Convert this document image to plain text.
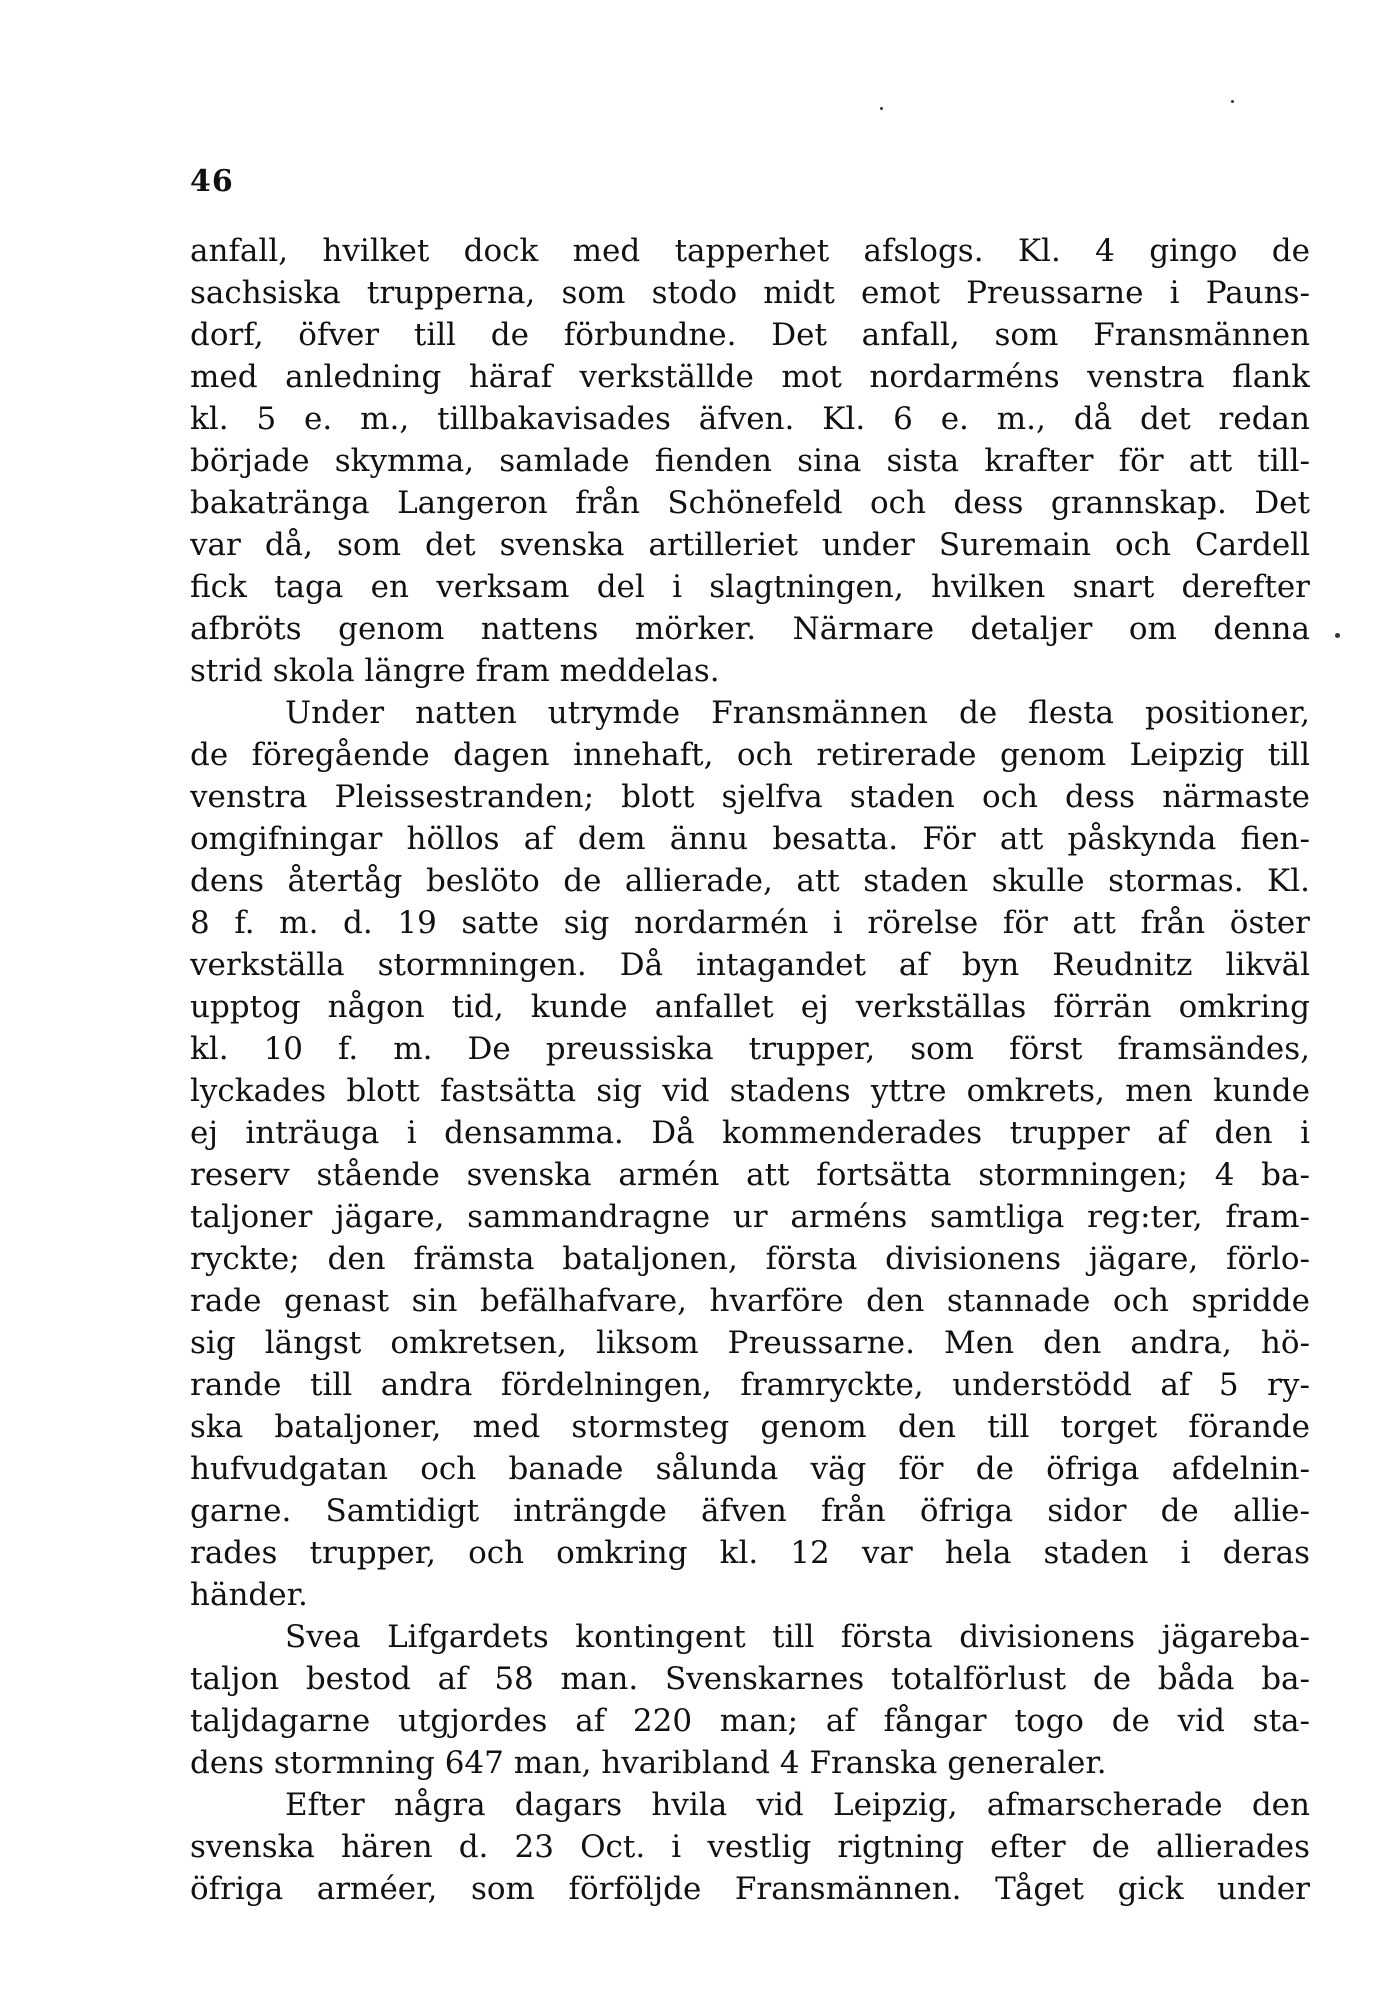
46
anfall, hvilket dock med tapperhet afslogs. Kl. 4 gingo de
sachsiska trupperna, som stodo midt emot Preussarne i Pauns-
dorf, öfver till de förbundne. Det anfall, som Fransmännen
med anledning häraf verkställde mot nordarméns venstra flank
kl. 5 e. m., tillbakavisades äfven. Kl. 6 e. m., då det redan
började skymma, samlade fienden sina sista krafter för att till-
bakatränga Langeron från Schönefeld och dess grannskap. Det
var då, som det svenska artilleriet under Suremain och Cardell
fick taga en verksam del i slagtningen, hvilken snart derefter
afbröts genom nattens mörker. Närmare detaljer om denna
strid skola längre fram meddelas.
Under natten utrymde Fransmännen de flesta positioner,
de föregående dagen innehaft, och retirerade genom Leipzig till
venstra Pleissestranden; blott sjelfva staden och dess närmaste
omgifningar höllos af dem ännu besatta. För att påskynda fien-
dens återtåg beslöto de allierade, att staden skulle stormas. Kl.
8 f. m. d. 19 satte sig nordarmén i rörelse för att från öster
verkställa stormningen. Då intagandet af byn Reudnitz likväl
upptog någon tid, kunde anfallet ej verkställas förrän omkring
kl. 10 f. m. De preussiska trupper, som först framsändes,
lyckades blott fastsätta sig vid stadens yttre omkrets, men kunde
ej inträuga i densamma. Då kommenderades trupper af den i
reserv stående svenska armén att fortsätta stormningen; 4 ba-
taljoner jägare, sammandragne ur arméns samtliga reg:ter, fram-
ryckte; den främsta bataljonen, första divisionens jägare, förlo-
rade genast sin befälhafvare, hvarföre den stannade och spridde
sig längst omkretsen, liksom Preussarne. Men den andra, hö-
rande till andra fördelningen, framryckte, understödd af 5 ry-
ska bataljoner, med stormsteg genom den till torget förande
hufvudgatan och banade sålunda väg för de öfriga afdelnin-
garne. Samtidigt inträngde äfven från öfriga sidor de allie-
rades trupper, och omkring kl. 12 var hela staden i deras
händer.
Svea Lifgardets kontingent till första divisionens jägareba-
taljon bestod af 58 man. Svenskarnes totalförlust de båda ba-
taljdagarne utgjordes af 220 man; af fångar togo de vid sta-
dens stormning 647 man, hvaribland 4 Franska generaler.
Efter några dagars hvila vid Leipzig, afmarscherade den
svenska hären d. 23 Oct. i vestlig rigtning efter de allierades
öfriga arméer, som förföljde Fransmännen. Tåget gick under
